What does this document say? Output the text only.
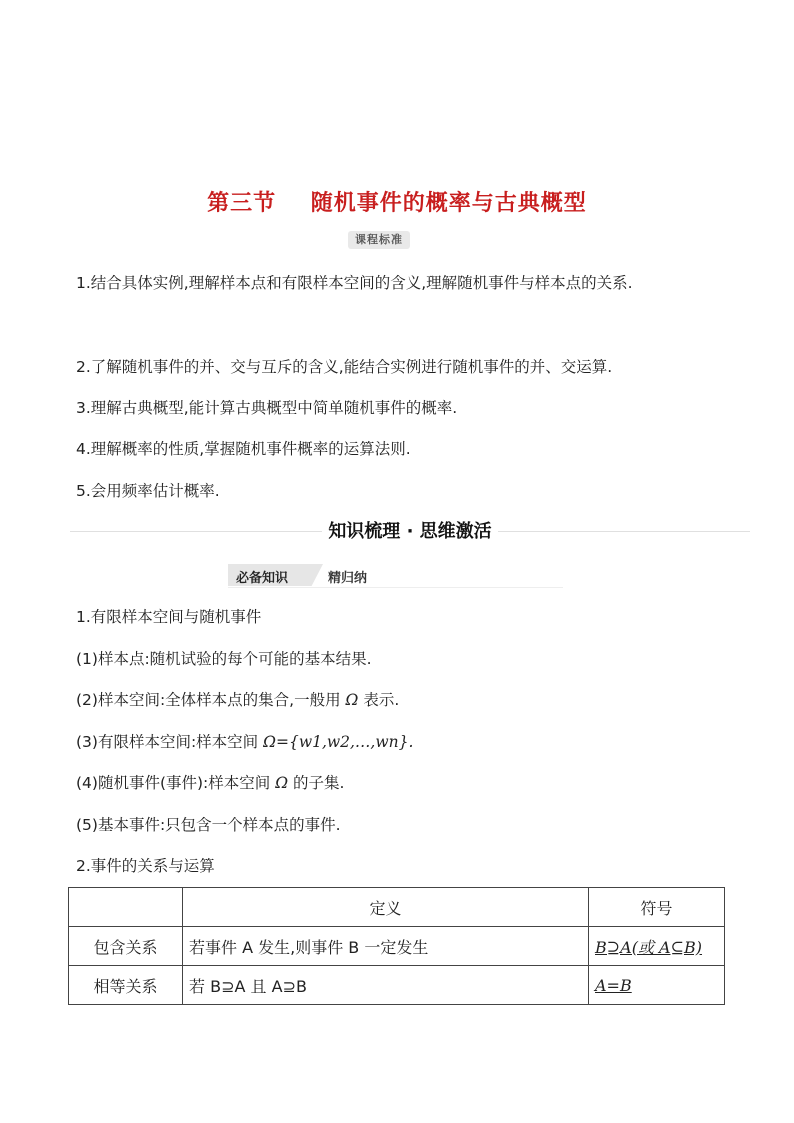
第三节    随机事件的概率与古典概型
课程标准
1.结合具体实例,理解样本点和有限样本空间的含义,理解随机事件与样本点的关系.
2.了解随机事件的并、交与互斥的含义,能结合实例进行随机事件的并、交运算.
3.理解古典概型,能计算古典概型中简单随机事件的概率.
4.理解概率的性质,掌握随机事件概率的运算法则.
5.会用频率估计概率.
知识梳理 · 思维激活
必备知识	精归纳
1.有限样本空间与随机事件
(1)样本点:随机试验的每个可能的基本结果.
(2)样本空间:全体样本点的集合,一般用 Ω 表示.
(3)有限样本空间:样本空间 Ω={w1,w2,…,wn}.
(4)随机事件(事件):样本空间 Ω 的子集.
(5)基本事件:只包含一个样本点的事件.
2.事件的关系与运算
	定义	符号
包含关系	若事件 A 发生,则事件 B 一定发生	B⊇A(或 A⊆B)
相等关系	若 B⊇A 且 A⊇B	A=B
